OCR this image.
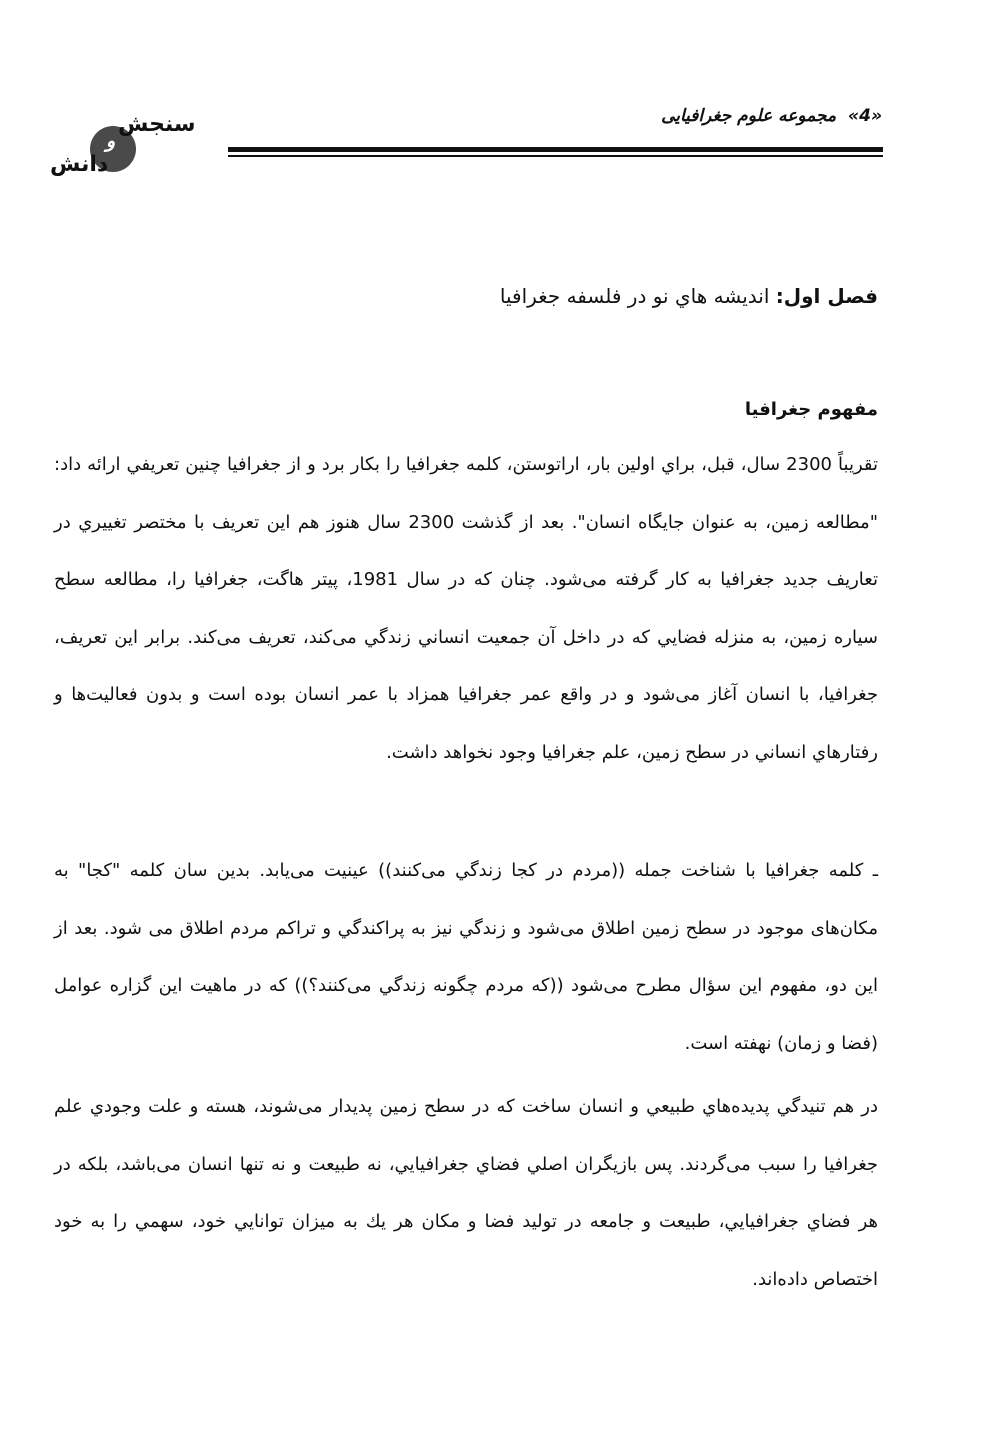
«4» مجموعه علوم جغرافیایی
سنجش
و
دانش
فصل اول: انديشه هاي نو در فلسفه جغرافيا
مفهوم جغرافيا

تقريباً 2300 سال، قبل، براي اولين بار، اراتوستن، كلمه جغرافيا را بكار برد و از جغرافيا چنين تعريفي ارائه داد: "مطالعه زمين، به عنوان جايگاه انسان". بعد از گذشت 2300 سال هنوز هم اين تعريف با مختصر تغييري در تعاريف جديد جغرافيا به كار گرفته می‌شود. چنان كه در سال 1981، پيتر هاگت، جغرافيا را، مطالعه سطح سياره زمين، به منزله فضايي كه در داخل آن جمعيت انساني زندگي می‌كند، تعريف می‌كند. برابر اين تعريف، جغرافيا، با انسان آغاز می‌شود و در واقع عمر جغرافيا همزاد با عمر انسان بوده است و بدون فعاليت‌ها و رفتارهاي انساني در سطح زمين، علم جغرافيا وجود نخواهد داشت.

ـ كلمه جغرافيا با شناخت جمله ((مردم در كجا زندگي می‌كنند)) عينيت می‌يابد. بدين سان كلمه "كجا" به مكان‌های موجود در سطح زمين اطلاق می‌شود و زندگي نيز به پراكندگي و تراكم مردم اطلاق می شود. بعد از اين دو، مفهوم اين سؤال مطرح می‌شود ((كه مردم چگونه زندگي می‌كنند؟)) كه در ماهيت اين گزاره عوامل (فضا و زمان) نهفته است.

در هم تنيدگي پديده‌هاي طبيعي و انسان ساخت كه در سطح زمين پديدار می‌شوند، هسته و علت وجودي علم جغرافيا را سبب می‌گردند. پس بازيگران اصلي فضاي جغرافيايي، نه طبيعت و نه تنها انسان می‌باشد، بلكه در هر فضاي جغرافيايي، طبيعت و جامعه در توليد فضا و مكان هر يك به ميزان توانايي خود، سهمي را به خود اختصاص داده‌اند.
